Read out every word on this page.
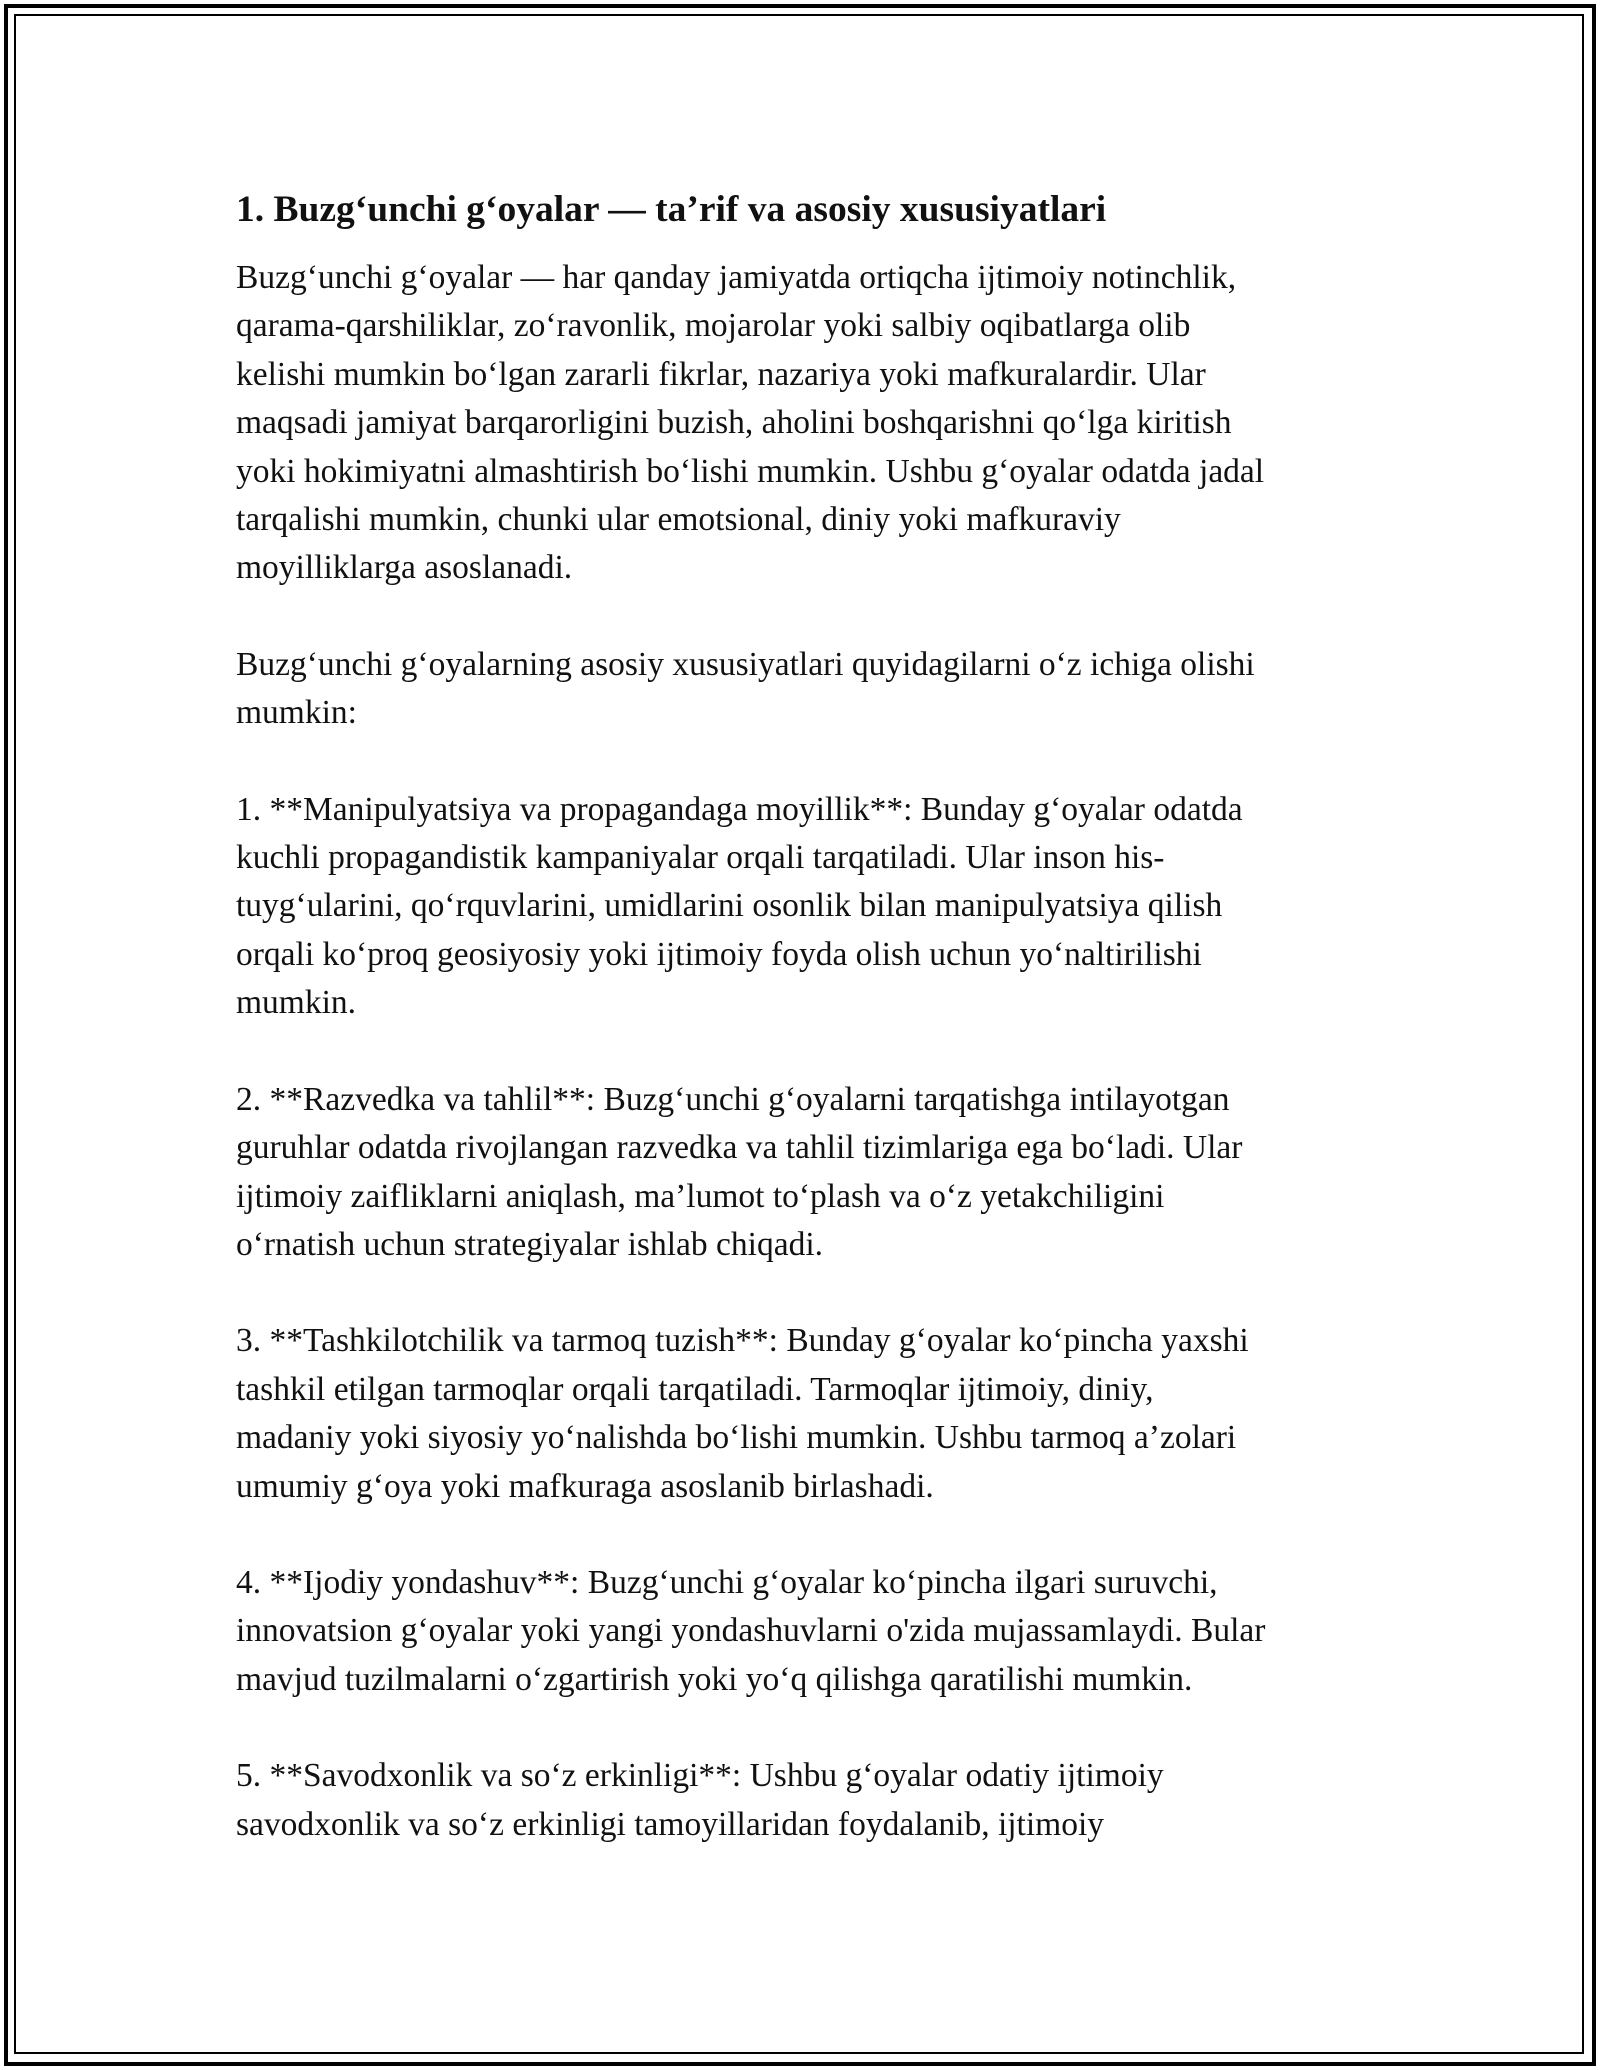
1. Buzg‘unchi g‘oyalar — ta’rif va asosiy xususiyatlari
Buzg‘unchi g‘oyalar — har qanday jamiyatda ortiqcha ijtimoiy notinchlik,
qarama-qarshiliklar, zo‘ravonlik, mojarolar yoki salbiy oqibatlarga olib
kelishi mumkin bo‘lgan zararli fikrlar, nazariya yoki mafkuralardir. Ular
maqsadi jamiyat barqarorligini buzish, aholini boshqarishni qo‘lga kiritish
yoki hokimiyatni almashtirish bo‘lishi mumkin. Ushbu g‘oyalar odatda jadal
tarqalishi mumkin, chunki ular emotsional, diniy yoki mafkuraviy
moyilliklarga asoslanadi.
Buzg‘unchi g‘oyalarning asosiy xususiyatlari quyidagilarni o‘z ichiga olishi
mumkin:
1. **Manipulyatsiya va propagandaga moyillik**: Bunday g‘oyalar odatda
kuchli propagandistik kampaniyalar orqali tarqatiladi. Ular inson his-
tuyg‘ularini, qo‘rquvlarini, umidlarini osonlik bilan manipulyatsiya qilish
orqali ko‘proq geosiyosiy yoki ijtimoiy foyda olish uchun yo‘naltirilishi
mumkin.
2. **Razvedka va tahlil**: Buzg‘unchi g‘oyalarni tarqatishga intilayotgan
guruhlar odatda rivojlangan razvedka va tahlil tizimlariga ega bo‘ladi. Ular
ijtimoiy zaifliklarni aniqlash, ma’lumot to‘plash va o‘z yetakchiligini
o‘rnatish uchun strategiyalar ishlab chiqadi.
3. **Tashkilotchilik va tarmoq tuzish**: Bunday g‘oyalar ko‘pincha yaxshi
tashkil etilgan tarmoqlar orqali tarqatiladi. Tarmoqlar ijtimoiy, diniy,
madaniy yoki siyosiy yo‘nalishda bo‘lishi mumkin. Ushbu tarmoq a’zolari
umumiy g‘oya yoki mafkuraga asoslanib birlashadi.
4. **Ijodiy yondashuv**: Buzg‘unchi g‘oyalar ko‘pincha ilgari suruvchi,
innovatsion g‘oyalar yoki yangi yondashuvlarni o'zida mujassamlaydi. Bular
mavjud tuzilmalarni o‘zgartirish yoki yo‘q qilishga qaratilishi mumkin.
5. **Savodxonlik va so‘z erkinligi**: Ushbu g‘oyalar odatiy ijtimoiy
savodxonlik va so‘z erkinligi tamoyillaridan foydalanib, ijtimoiy
